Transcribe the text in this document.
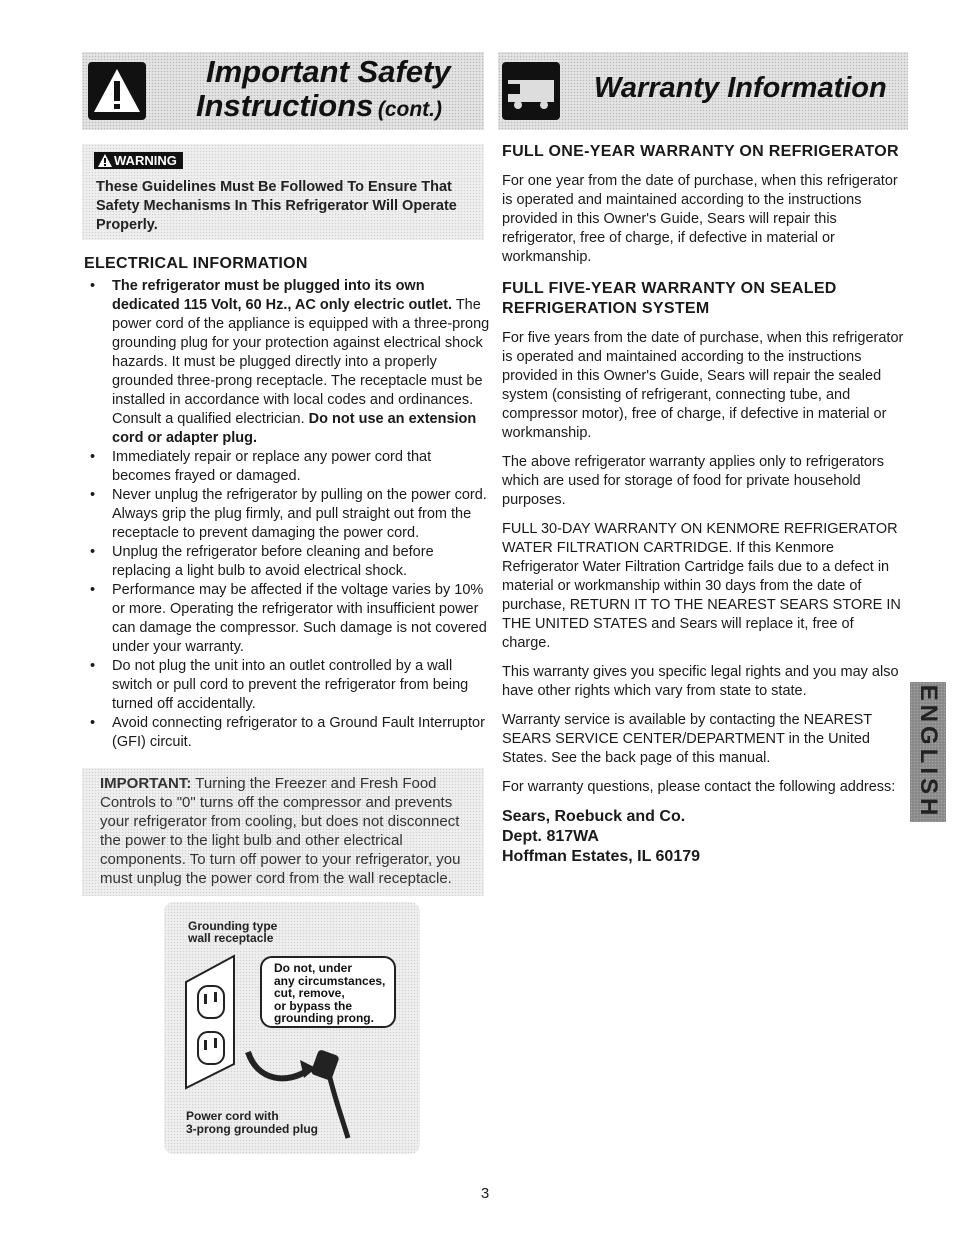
Important Safety
Instructions (cont.)
Warranty Information
WARNING
These Guidelines Must Be Followed To Ensure That Safety Mechanisms In This Refrigerator Will Operate Properly.
ELECTRICAL INFORMATION
• The refrigerator must be plugged into its own dedicated 115 Volt, 60 Hz., AC only electric outlet. The power cord of the appliance is equipped with a three-prong grounding plug for your protection against electrical shock hazards. It must be plugged directly into a properly grounded three-prong receptacle. The receptacle must be installed in accordance with local codes and ordinances. Consult a qualified electrician. Do not use an extension cord or adapter plug.
• Immediately repair or replace any power cord that becomes frayed or damaged.
• Never unplug the refrigerator by pulling on the power cord. Always grip the plug firmly, and pull straight out from the receptacle to prevent damaging the power cord.
• Unplug the refrigerator before cleaning and before replacing a light bulb to avoid electrical shock.
• Performance may be affected if the voltage varies by 10% or more. Operating the refrigerator with insufficient power can damage the compressor. Such damage is not covered under your warranty.
• Do not plug the unit into an outlet controlled by a wall switch or pull cord to prevent the refrigerator from being turned off accidentally.
• Avoid connecting refrigerator to a Ground Fault Interruptor (GFI) circuit.
IMPORTANT: Turning the Freezer and Fresh Food Controls to "0" turns off the compressor and prevents your refrigerator from cooling, but does not disconnect the power to the light bulb and other electrical components. To turn off power to your refrigerator, you must unplug the power cord from the wall receptacle.
Grounding type
wall receptacle
Do not, under
any circumstances,
cut, remove,
or bypass the
grounding prong.
Power cord with
3-prong grounded plug
FULL ONE-YEAR WARRANTY ON REFRIGERATOR

For one year from the date of purchase, when this refrigerator is operated and maintained according to the instructions provided in this Owner's Guide, Sears will repair this refrigerator, free of charge, if defective in material or workmanship.

FULL FIVE-YEAR WARRANTY ON SEALED REFRIGERATION SYSTEM

For five years from the date of purchase, when this refrigerator is operated and maintained according to the instructions provided in this Owner's Guide, Sears will repair the sealed system (consisting of refrigerant, connecting tube, and compressor motor), free of charge, if defective in material or workmanship.

The above refrigerator warranty applies only to refrigerators which are used for storage of food for private household purposes.

FULL 30-DAY WARRANTY ON KENMORE REFRIGERATOR WATER FILTRATION CARTRIDGE. If this Kenmore Refrigerator Water Filtration Cartridge fails due to a defect in material or workmanship within 30 days from the date of purchase, RETURN IT TO THE NEAREST SEARS STORE IN THE UNITED STATES and Sears will replace it, free of charge.

This warranty gives you specific legal rights and you may also have other rights which vary from state to state.

Warranty service is available by contacting the NEAREST SEARS SERVICE CENTER/DEPARTMENT in the United States. See the back page of this manual.

For warranty questions, please contact the following address:

Sears, Roebuck and Co.
Dept. 817WA
Hoffman Estates, IL 60179
ENGLISH
3
